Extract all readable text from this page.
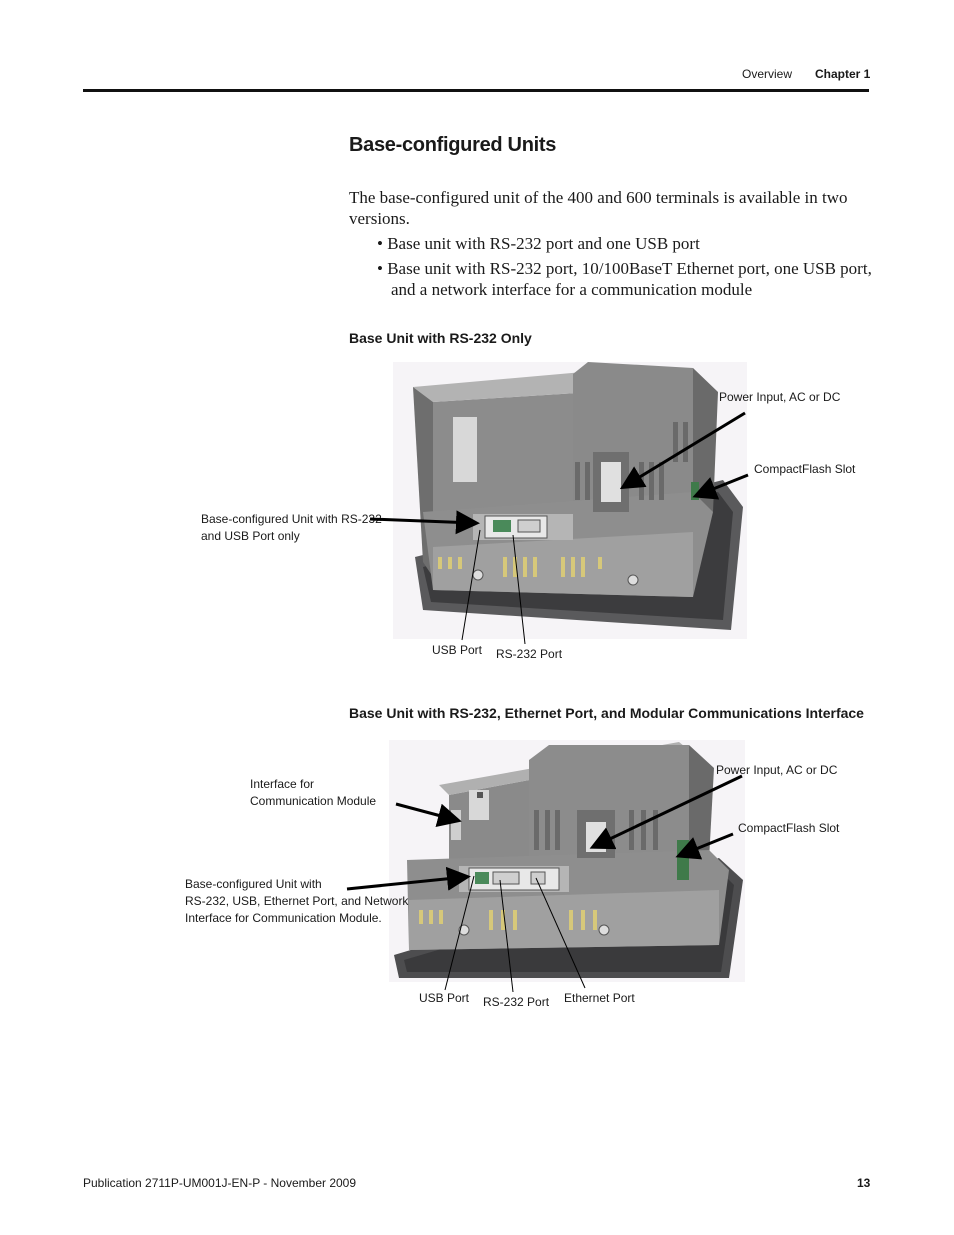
Overview Chapter 1
Base-configured Units
The base-configured unit of the 400 and 600 terminals is available in two versions.
• Base unit with RS-232 port and one USB port
• Base unit with RS-232 port, 10/100BaseT Ethernet port, one USB port, and a network interface for a communication module
Base Unit with RS-232 Only
Power Input, AC or DC
CompactFlash Slot
Base-configured Unit with RS-232
and USB Port only
USB Port RS-232 Port
Base Unit with RS-232, Ethernet Port, and Modular Communications Interface
Interface for
Communication Module
Power Input, AC or DC
CompactFlash Slot
Base-configured Unit with
RS-232, USB, Ethernet Port, and Network
Interface for Communication Module.
USB Port RS-232 Port Ethernet Port
Publication 2711P-UM001J-EN-P - November 2009	13
